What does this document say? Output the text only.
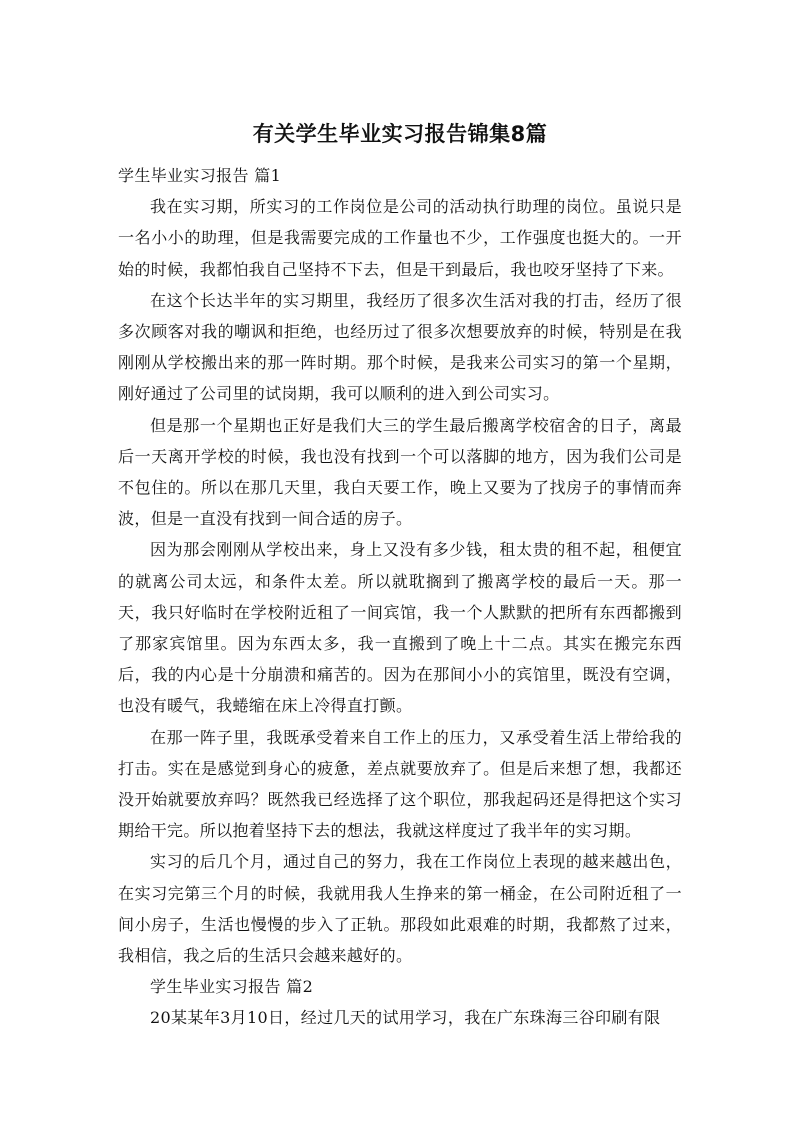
有关学生毕业实习报告锦集8篇

学生毕业实习报告 篇1

我在实习期，所实习的工作岗位是公司的活动执行助理的岗位。虽说只是一名小小的助理，但是我需要完成的工作量也不少，工作强度也挺大的。一开始的时候，我都怕我自己坚持不下去，但是干到最后，我也咬牙坚持了下来。

在这个长达半年的实习期里，我经历了很多次生活对我的打击，经历了很多次顾客对我的嘲讽和拒绝，也经历过了很多次想要放弃的时候，特别是在我刚刚从学校搬出来的那一阵时期。那个时候，是我来公司实习的第一个星期，刚好通过了公司里的试岗期，我可以顺利的进入到公司实习。

但是那一个星期也正好是我们大三的学生最后搬离学校宿舍的日子，离最后一天离开学校的时候，我也没有找到一个可以落脚的地方，因为我们公司是不包住的。所以在那几天里，我白天要工作，晚上又要为了找房子的事情而奔波，但是一直没有找到一间合适的房子。

因为那会刚刚从学校出来，身上又没有多少钱，租太贵的租不起，租便宜的就离公司太远，和条件太差。所以就耽搁到了搬离学校的最后一天。那一天，我只好临时在学校附近租了一间宾馆，我一个人默默的把所有东西都搬到了那家宾馆里。因为东西太多，我一直搬到了晚上十二点。其实在搬完东西后，我的内心是十分崩溃和痛苦的。因为在那间小小的宾馆里，既没有空调，也没有暖气，我蜷缩在床上冷得直打颤。

在那一阵子里，我既承受着来自工作上的压力，又承受着生活上带给我的打击。实在是感觉到身心的疲惫，差点就要放弃了。但是后来想了想，我都还没开始就要放弃吗？既然我已经选择了这个职位，那我起码还是得把这个实习期给干完。所以抱着坚持下去的想法，我就这样度过了我半年的实习期。

实习的后几个月，通过自己的努力，我在工作岗位上表现的越来越出色，在实习完第三个月的时候，我就用我人生挣来的第一桶金，在公司附近租了一间小房子，生活也慢慢的步入了正轨。那段如此艰难的时期，我都熬了过来，我相信，我之后的生活只会越来越好的。

学生毕业实习报告 篇2

20某某年3月10日，经过几天的试用学习，我在广东珠海三谷印刷有限
